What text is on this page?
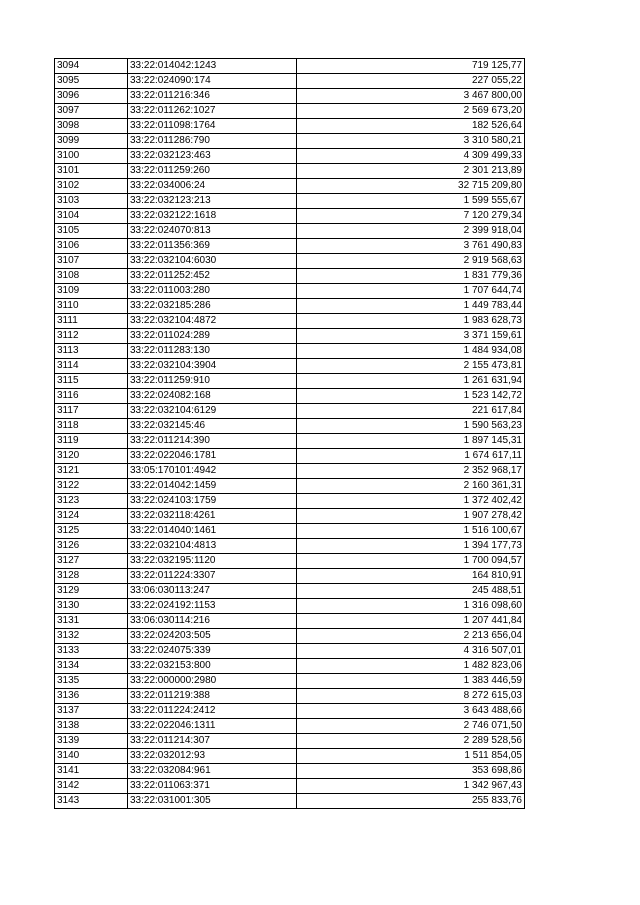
3094	33:22:014042:1243	719 125,77
3095	33:22:024090:174	227 055,22
3096	33:22:011216:346	3 467 800,00
3097	33:22:011262:1027	2 569 673,20
3098	33:22:011098:1764	182 526,64
3099	33:22:011286:790	3 310 580,21
3100	33:22:032123:463	4 309 499,33
3101	33:22:011259:260	2 301 213,89
3102	33:22:034006:24	32 715 209,80
3103	33:22:032123:213	1 599 555,67
3104	33:22:032122:1618	7 120 279,34
3105	33:22:024070:813	2 399 918,04
3106	33:22:011356:369	3 761 490,83
3107	33:22:032104:6030	2 919 568,63
3108	33:22:011252:452	1 831 779,36
3109	33:22:011003:280	1 707 644,74
3110	33:22:032185:286	1 449 783,44
3111	33:22:032104:4872	1 983 628,73
3112	33:22:011024:289	3 371 159,61
3113	33:22:011283:130	1 484 934,08
3114	33:22:032104:3904	2 155 473,81
3115	33:22:011259:910	1 261 631,94
3116	33:22:024082:168	1 523 142,72
3117	33:22:032104:6129	221 617,84
3118	33:22:032145:46	1 590 563,23
3119	33:22:011214:390	1 897 145,31
3120	33:22:022046:1781	1 674 617,11
3121	33:05:170101:4942	2 352 968,17
3122	33:22:014042:1459	2 160 361,31
3123	33:22:024103:1759	1 372 402,42
3124	33:22:032118:4261	1 907 278,42
3125	33:22:014040:1461	1 516 100,67
3126	33:22:032104:4813	1 394 177,73
3127	33:22:032195:1120	1 700 094,57
3128	33:22:011224:3307	164 810,91
3129	33:06:030113:247	245 488,51
3130	33:22:024192:1153	1 316 098,60
3131	33:06:030114:216	1 207 441,84
3132	33:22:024203:505	2 213 656,04
3133	33:22:024075:339	4 316 507,01
3134	33:22:032153:800	1 482 823,06
3135	33:22:000000:2980	1 383 446,59
3136	33:22:011219:388	8 272 615,03
3137	33:22:011224:2412	3 643 488,66
3138	33:22:022046:1311	2 746 071,50
3139	33:22:011214:307	2 289 528,56
3140	33:22:032012:93	1 511 854,05
3141	33:22:032084:961	353 698,86
3142	33:22:011063:371	1 342 967,43
3143	33:22:031001:305	255 833,76
